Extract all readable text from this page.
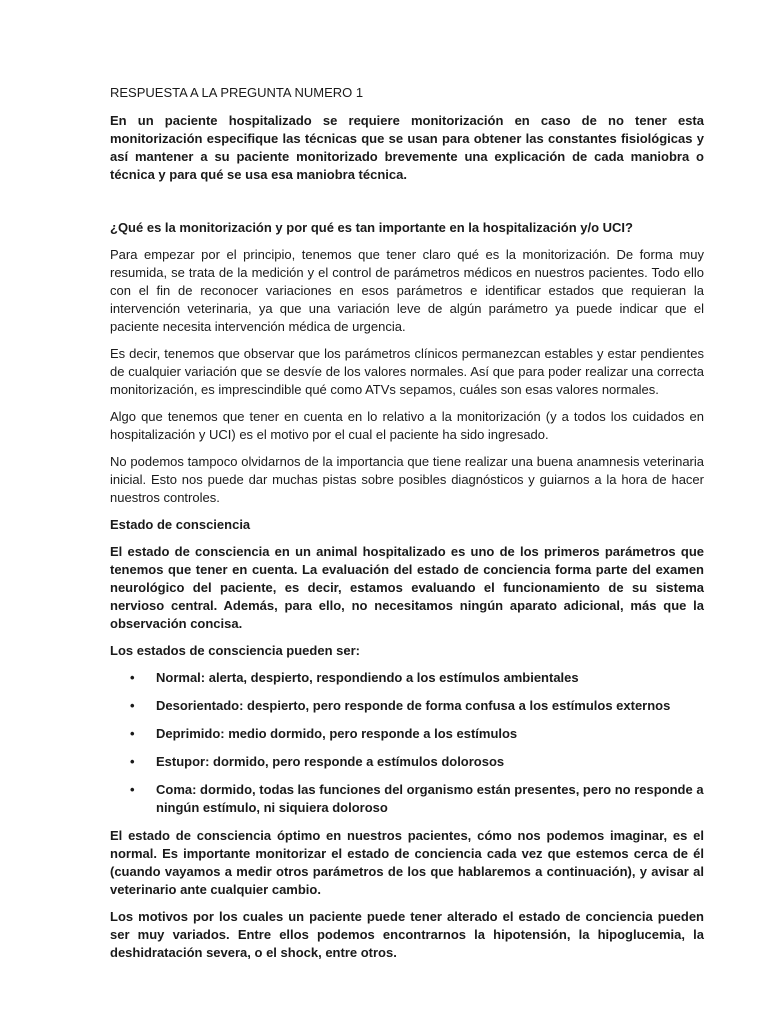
RESPUESTA A LA PREGUNTA NUMERO 1

En un paciente hospitalizado se requiere monitorización en caso de no tener esta monitorización especifique las técnicas que se usan para obtener las constantes fisiológicas y así mantener a su paciente monitorizado brevemente una explicación de cada maniobra o técnica y para qué se usa esa maniobra técnica.

¿Qué es la monitorización y por qué es tan importante en la hospitalización y/o UCI?

Para empezar por el principio, tenemos que tener claro qué es la monitorización. De forma muy resumida, se trata de la medición y el control de parámetros médicos en nuestros pacientes. Todo ello con el fin de reconocer variaciones en esos parámetros e identificar estados que requieran la intervención veterinaria, ya que una variación leve de algún parámetro ya puede indicar que el paciente necesita intervención médica de urgencia.

Es decir, tenemos que observar que los parámetros clínicos permanezcan estables y estar pendientes de cualquier variación que se desvíe de los valores normales. Así que para poder realizar una correcta monitorización, es imprescindible qué como ATVs sepamos, cuáles son esas valores normales.

Algo que tenemos que tener en cuenta en lo relativo a la monitorización (y a todos los cuidados en hospitalización y UCI) es el motivo por el cual el paciente ha sido ingresado.

No podemos tampoco olvidarnos de la importancia que tiene realizar una buena anamnesis veterinaria inicial. Esto nos puede dar muchas pistas sobre posibles diagnósticos y guiarnos a la hora de hacer nuestros controles.

Estado de consciencia

El estado de consciencia en un animal hospitalizado es uno de los primeros parámetros que tenemos que tener en cuenta. La evaluación del estado de conciencia forma parte del examen neurológico del paciente, es decir, estamos evaluando el funcionamiento de su sistema nervioso central. Además, para ello, no necesitamos ningún aparato adicional, más que la observación concisa.

Los estados de consciencia pueden ser:

• Normal: alerta, despierto, respondiendo a los estímulos ambientales
• Desorientado: despierto, pero responde de forma confusa a los estímulos externos
• Deprimido: medio dormido, pero responde a los estímulos
• Estupor: dormido, pero responde a estímulos dolorosos
• Coma: dormido, todas las funciones del organismo están presentes, pero no responde a ningún estímulo, ni siquiera doloroso

El estado de consciencia óptimo en nuestros pacientes, cómo nos podemos imaginar, es el normal. Es importante monitorizar el estado de conciencia cada vez que estemos cerca de él (cuando vayamos a medir otros parámetros de los que hablaremos a continuación), y avisar al veterinario ante cualquier cambio.

Los motivos por los cuales un paciente puede tener alterado el estado de conciencia pueden ser muy variados. Entre ellos podemos encontrarnos la hipotensión, la hipoglucemia, la deshidratación severa, o el shock, entre otros.
